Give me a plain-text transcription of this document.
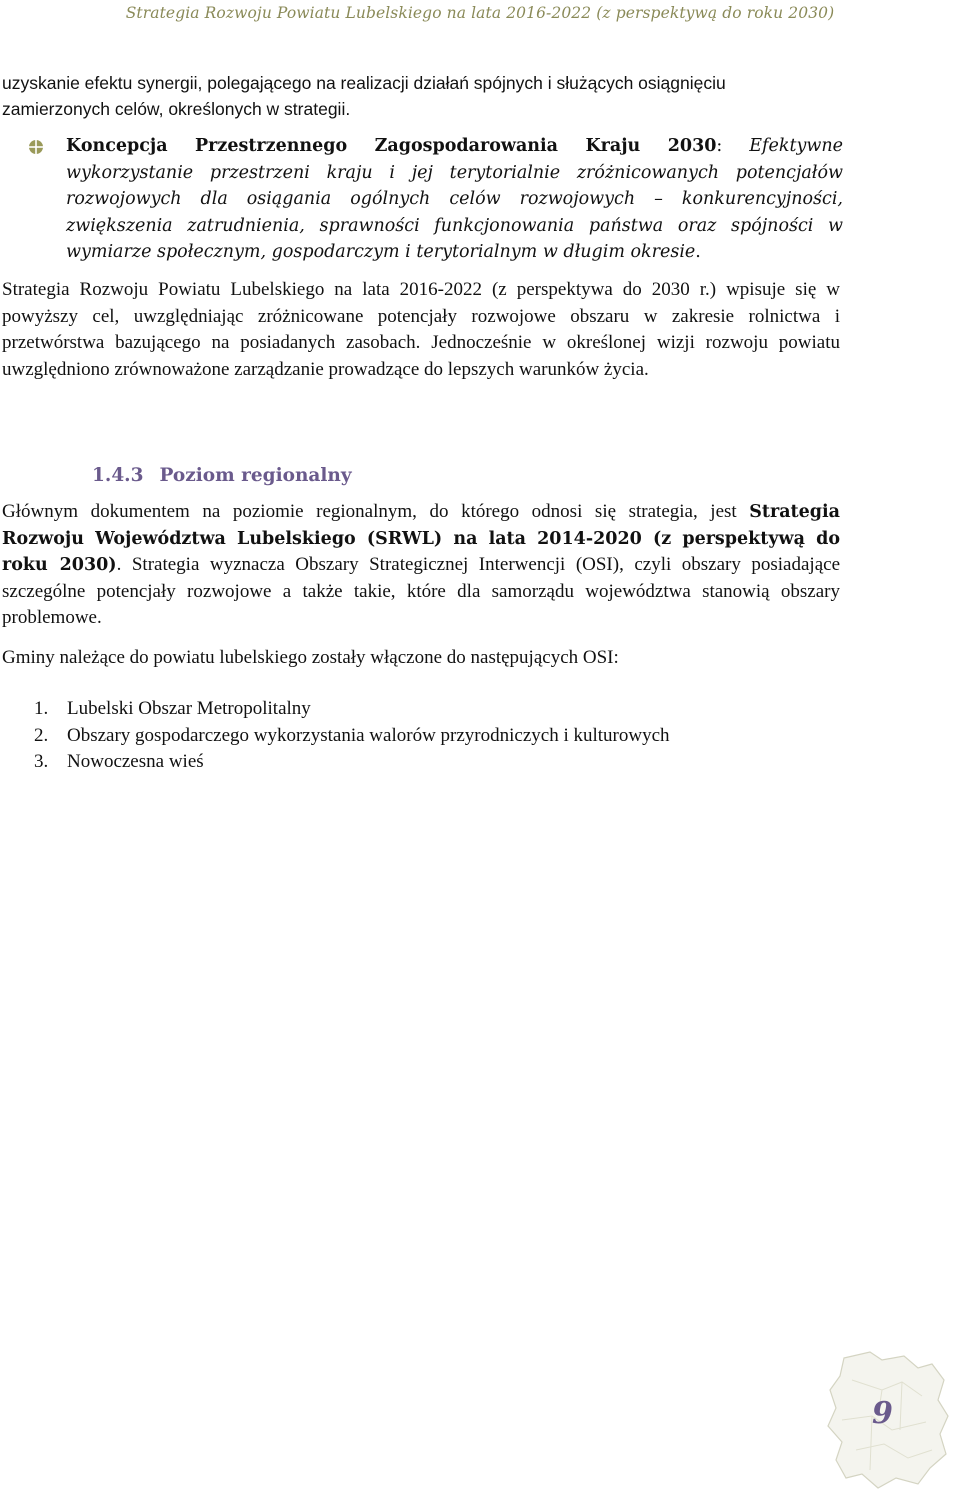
Strategia Rozwoju Powiatu Lubelskiego na lata 2016-2022 (z perspektywą do roku 2030)
uzyskanie efektu synergii, polegającego na realizacji działań spójnych i służących osiągnięciu zamierzonych celów, określonych w strategii.
Koncepcja Przestrzennego Zagospodarowania Kraju 2030: Efektywne wykorzystanie przestrzeni kraju i jej terytorialnie zróżnicowanych potencjałów rozwojowych dla osiągania ogólnych celów rozwojowych – konkurencyjności, zwiększenia zatrudnienia, sprawności funkcjonowania państwa oraz spójności w wymiarze społecznym, gospodarczym i terytorialnym w długim okresie.
Strategia Rozwoju Powiatu Lubelskiego na lata 2016-2022 (z perspektywa do 2030 r.) wpisuje się w powyższy cel, uwzględniając zróżnicowane potencjały rozwojowe obszaru w zakresie rolnictwa i przetwórstwa bazującego na posiadanych zasobach. Jednocześnie w określonej wizji rozwoju powiatu uwzględniono zrównoważone zarządzanie prowadzące do lepszych warunków życia.
1.4.3 Poziom regionalny
Głównym dokumentem na poziomie regionalnym, do którego odnosi się strategia, jest Strategia Rozwoju Województwa Lubelskiego (SRWL) na lata 2014-2020 (z perspektywą do roku 2030). Strategia wyznacza Obszary Strategicznej Interwencji (OSI), czyli obszary posiadające szczególne potencjały rozwojowe a także takie, które dla samorządu województwa stanowią obszary problemowe.
Gminy należące do powiatu lubelskiego zostały włączone do następujących OSI:
1. Lubelski Obszar Metropolitalny
2. Obszary gospodarczego wykorzystania walorów przyrodniczych i kulturowych
3. Nowoczesna wieś
9
